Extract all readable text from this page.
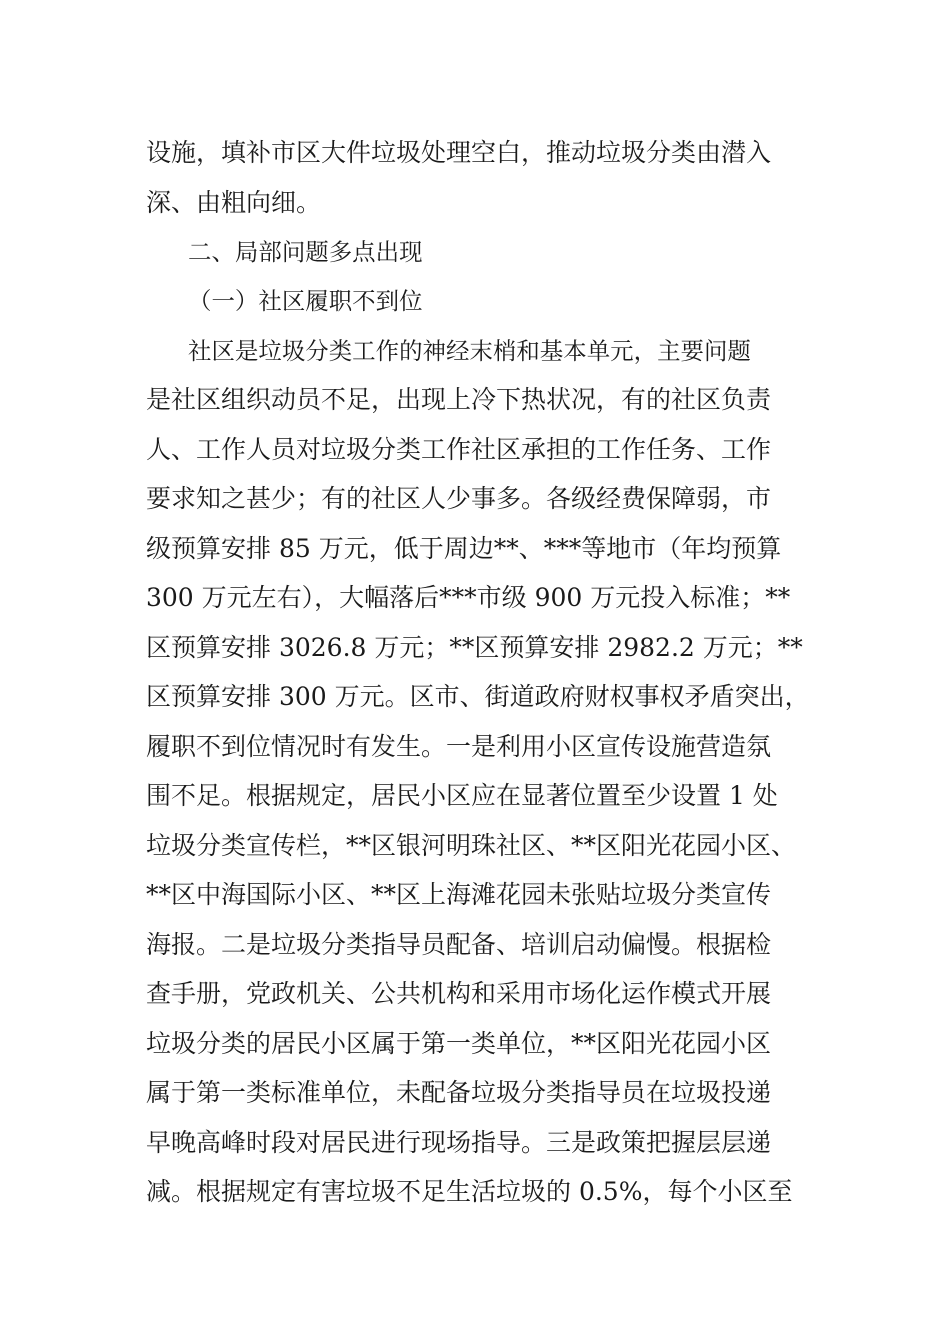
设施，填补市区大件垃圾处理空白，推动垃圾分类由潜入
深、由粗向细。
二、局部问题多点出现
（一）社区履职不到位
社区是垃圾分类工作的神经末梢和基本单元，主要问题
是社区组织动员不足，出现上冷下热状况，有的社区负责
人、工作人员对垃圾分类工作社区承担的工作任务、工作
要求知之甚少；有的社区人少事多。各级经费保障弱，市
级预算安排 85 万元，低于周边**、***等地市（年均预算
300 万元左右），大幅落后***市级 900 万元投入标准；**
区预算安排 3026.8 万元；**区预算安排 2982.2 万元；**
区预算安排 300 万元。区市、街道政府财权事权矛盾突出，
履职不到位情况时有发生。一是利用小区宣传设施营造氛
围不足。根据规定，居民小区应在显著位置至少设置 1 处
垃圾分类宣传栏，**区银河明珠社区、**区阳光花园小区、
**区中海国际小区、**区上海滩花园未张贴垃圾分类宣传
海报。二是垃圾分类指导员配备、培训启动偏慢。根据检
查手册，党政机关、公共机构和采用市场化运作模式开展
垃圾分类的居民小区属于第一类单位，**区阳光花园小区
属于第一类标准单位，未配备垃圾分类指导员在垃圾投递
早晚高峰时段对居民进行现场指导。三是政策把握层层递
减。根据规定有害垃圾不足生活垃圾的 0.5%，每个小区至
